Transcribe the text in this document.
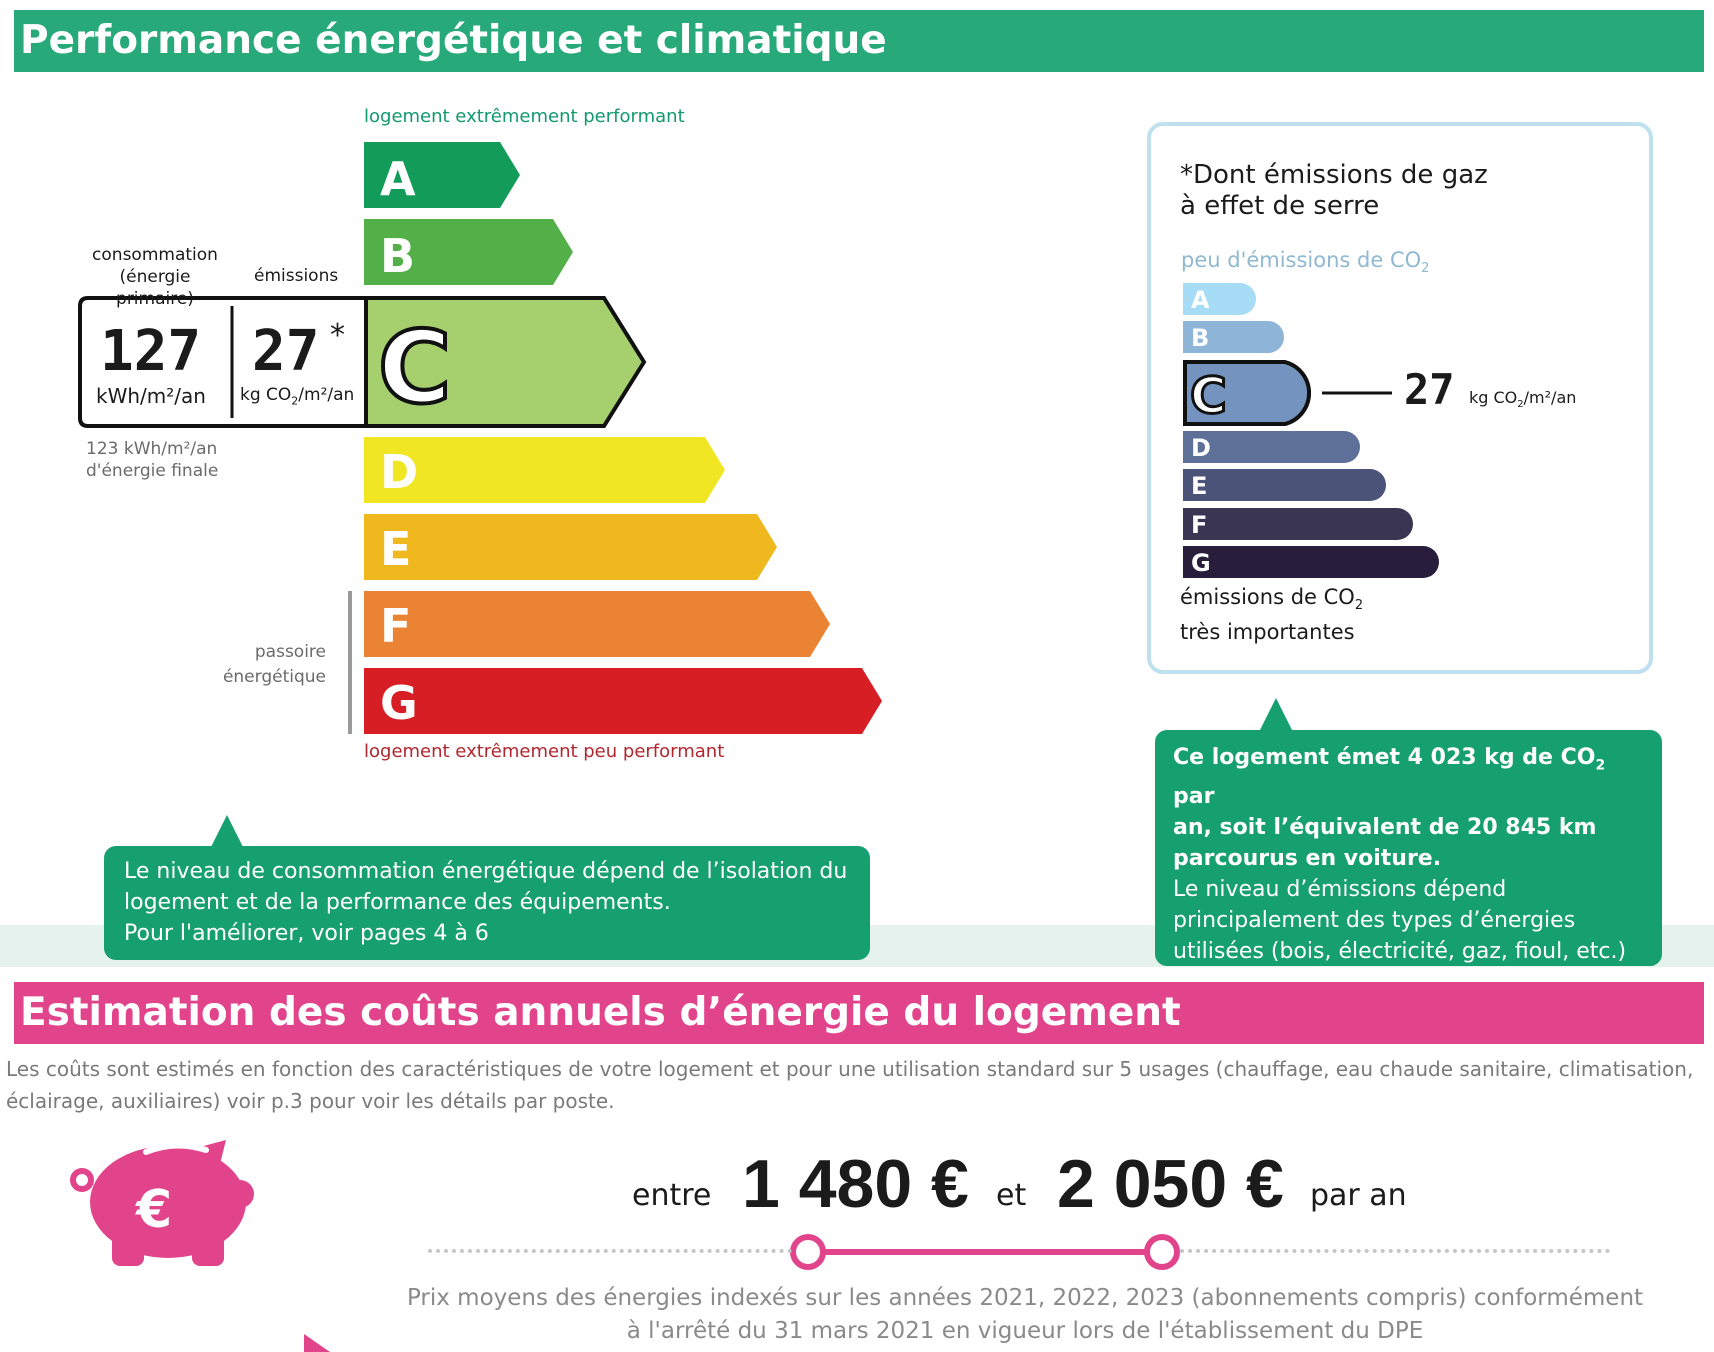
Performance énergétique et climatique
logement extrêmement performant
A
B
C
D
E
F
G
A
B
C
D
E
F
G
€
consommation
(énergie primaire)
émissions
127
kWh/m²/an
27 *
kg $CO_2/m^2/an$
123 kWh/m²/an
d'énergie finale
passoire
énergétique
logement extrêmement peu performant
Le niveau de consommation énergétique dépend de l’isolation du
logement et de la performance des équipements.
Pour l'améliorer, voir pages 4 à 6
*Dont émissions de gaz
à effet de serre
peu d'émissions de $CO_2$
27 kg $CO_2/m^2/an$
émissions de $CO_2$
très importantes
Ce logement émet 4 023 kg de $CO_2$ par
an, soit l’équivalent de 20 845 km
parcourus en voiture.
Le niveau d’émissions dépend
principalement des types d’énergies
utilisées (bois, électricité, gaz, fioul, etc.)
Estimation des coûts annuels d’énergie du logement
Les coûts sont estimés en fonction des caractéristiques de votre logement et pour une utilisation standard sur 5 usages (chauffage, eau chaude sanitaire, climatisation,
éclairage, auxiliaires) voir p.3 pour voir les détails par poste.
entre 1 480 € et 2 050 € par an
Prix moyens des énergies indexés sur les années 2021, 2022, 2023 (abonnements compris) conformément
à l'arrêté du 31 mars 2021 en vigueur lors de l'établissement du DPE
